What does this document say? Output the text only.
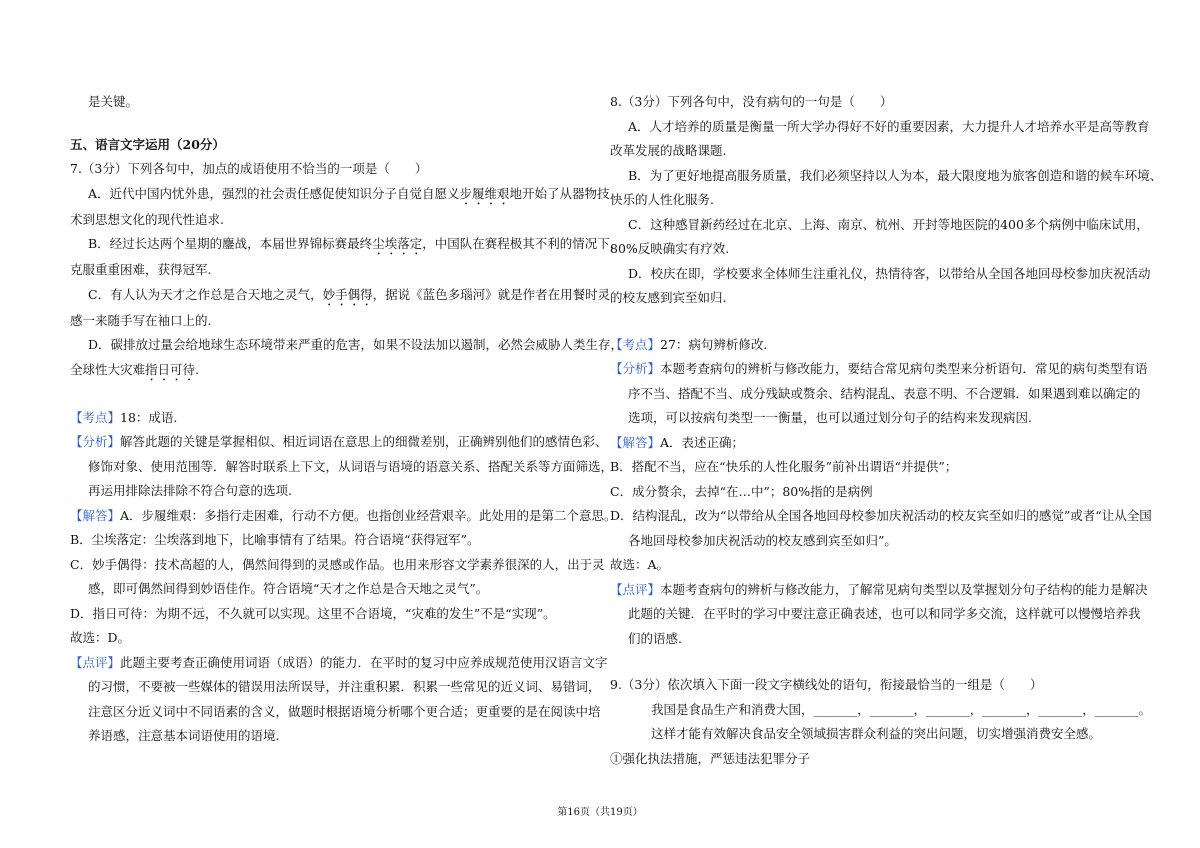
是关键。
五、语言文字运用（20分）
7.（3分）下列各句中，加点的成语使用不恰当的一项是（　　）
A．近代中国内忧外患，强烈的社会责任感促使知识分子自觉自愿义步履维艰地开始了从器物技
术到思想文化的现代性追求.
B．经过长达两个星期的鏖战，本届世界锦标赛最终尘埃落定，中国队在赛程极其不利的情况下，
克服重重困难，获得冠军.
C．有人认为天才之作总是合天地之灵气，妙手偶得，据说《蓝色多瑙河》就是作者在用餐时灵
感一来随手写在袖口上的.
D．碳排放过量会给地球生态环境带来严重的危害，如果不设法加以遏制，必然会威胁人类生存，
全球性大灾难指日可待.
【考点】18：成语.
【分析】解答此题的关键是掌握相似、相近词语在意思上的细微差别，正确辨别他们的感情色彩、
修饰对象、使用范围等．解答时联系上下文，从词语与语境的语意关系、搭配关系等方面筛选，
再运用排除法排除不符合句意的选项.
【解答】A．步履维艰：多指行走困难，行动不方便。也指创业经营艰辛。此处用的是第二个意思。
B．尘埃落定：尘埃落到地下，比喻事情有了结果。符合语境“获得冠军”。
C．妙手偶得：技术高超的人，偶然间得到的灵感或作品。也用来形容文学素养很深的人，出于灵
感，即可偶然间得到妙语佳作。符合语境“天才之作总是合天地之灵气”。
D．指日可待：为期不远，不久就可以实现。这里不合语境，“灾难的发生”不是“实现”。
故选：D。
【点评】此题主要考查正确使用词语（成语）的能力．在平时的复习中应养成规范使用汉语言文字
的习惯，不要被一些媒体的错误用法所误导，并注重积累．积累一些常见的近义词、易错词，
注意区分近义词中不同语素的含义，做题时根据语境分析哪个更合适；更重要的是在阅读中培
养语感，注意基本词语使用的语境.
8.（3分）下列各句中，没有病句的一句是（　　）
A．人才培养的质量是衡量一所大学办得好不好的重要因素，大力提升人才培养水平是高等教育
改革发展的战略课题.
B．为了更好地提高服务质量，我们必须坚持以人为本，最大限度地为旅客创造和谐的候车环境、
快乐的人性化服务.
C．这种感冒新药经过在北京、上海、南京、杭州、开封等地医院的400多个病例中临床试用，
80%反映确实有疗效.
D．校庆在即，学校要求全体师生注重礼仪，热情待客，以带给从全国各地回母校参加庆祝活动
的校友感到宾至如归.
【考点】27：病句辨析修改.
【分析】本题考查病句的辨析与修改能力，要结合常见病句类型来分析语句．常见的病句类型有语
序不当、搭配不当、成分残缺或赘余、结构混乱、表意不明、不合逻辑．如果遇到难以确定的
选项，可以按病句类型一一衡量，也可以通过划分句子的结构来发现病因.
【解答】A．表述正确；
B．搭配不当，应在“快乐的人性化服务”前补出谓语“并提供”；
C．成分赘余，去掉“在…中”；80%指的是病例
D．结构混乱，改为“以带给从全国各地回母校参加庆祝活动的校友宾至如归的感觉”或者“让从全国
各地回母校参加庆祝活动的校友感到宾至如归”。
故选：A。
【点评】本题考查病句的辨析与修改能力，了解常见病句类型以及掌握划分句子结构的能力是解决
此题的关键．在平时的学习中要注意正确表述，也可以和同学多交流，这样就可以慢慢培养我
们的语感.
9.（3分）依次填入下面一段文字横线处的语句，衔接最恰当的一组是（　　）
我国是食品生产和消费大国，_______，_______，_______，_______，_______，_______。
这样才能有效解决食品安全领域损害群众利益的突出问题，切实增强消费安全感。
①强化执法措施，严惩违法犯罪分子
第16页（共19页）
